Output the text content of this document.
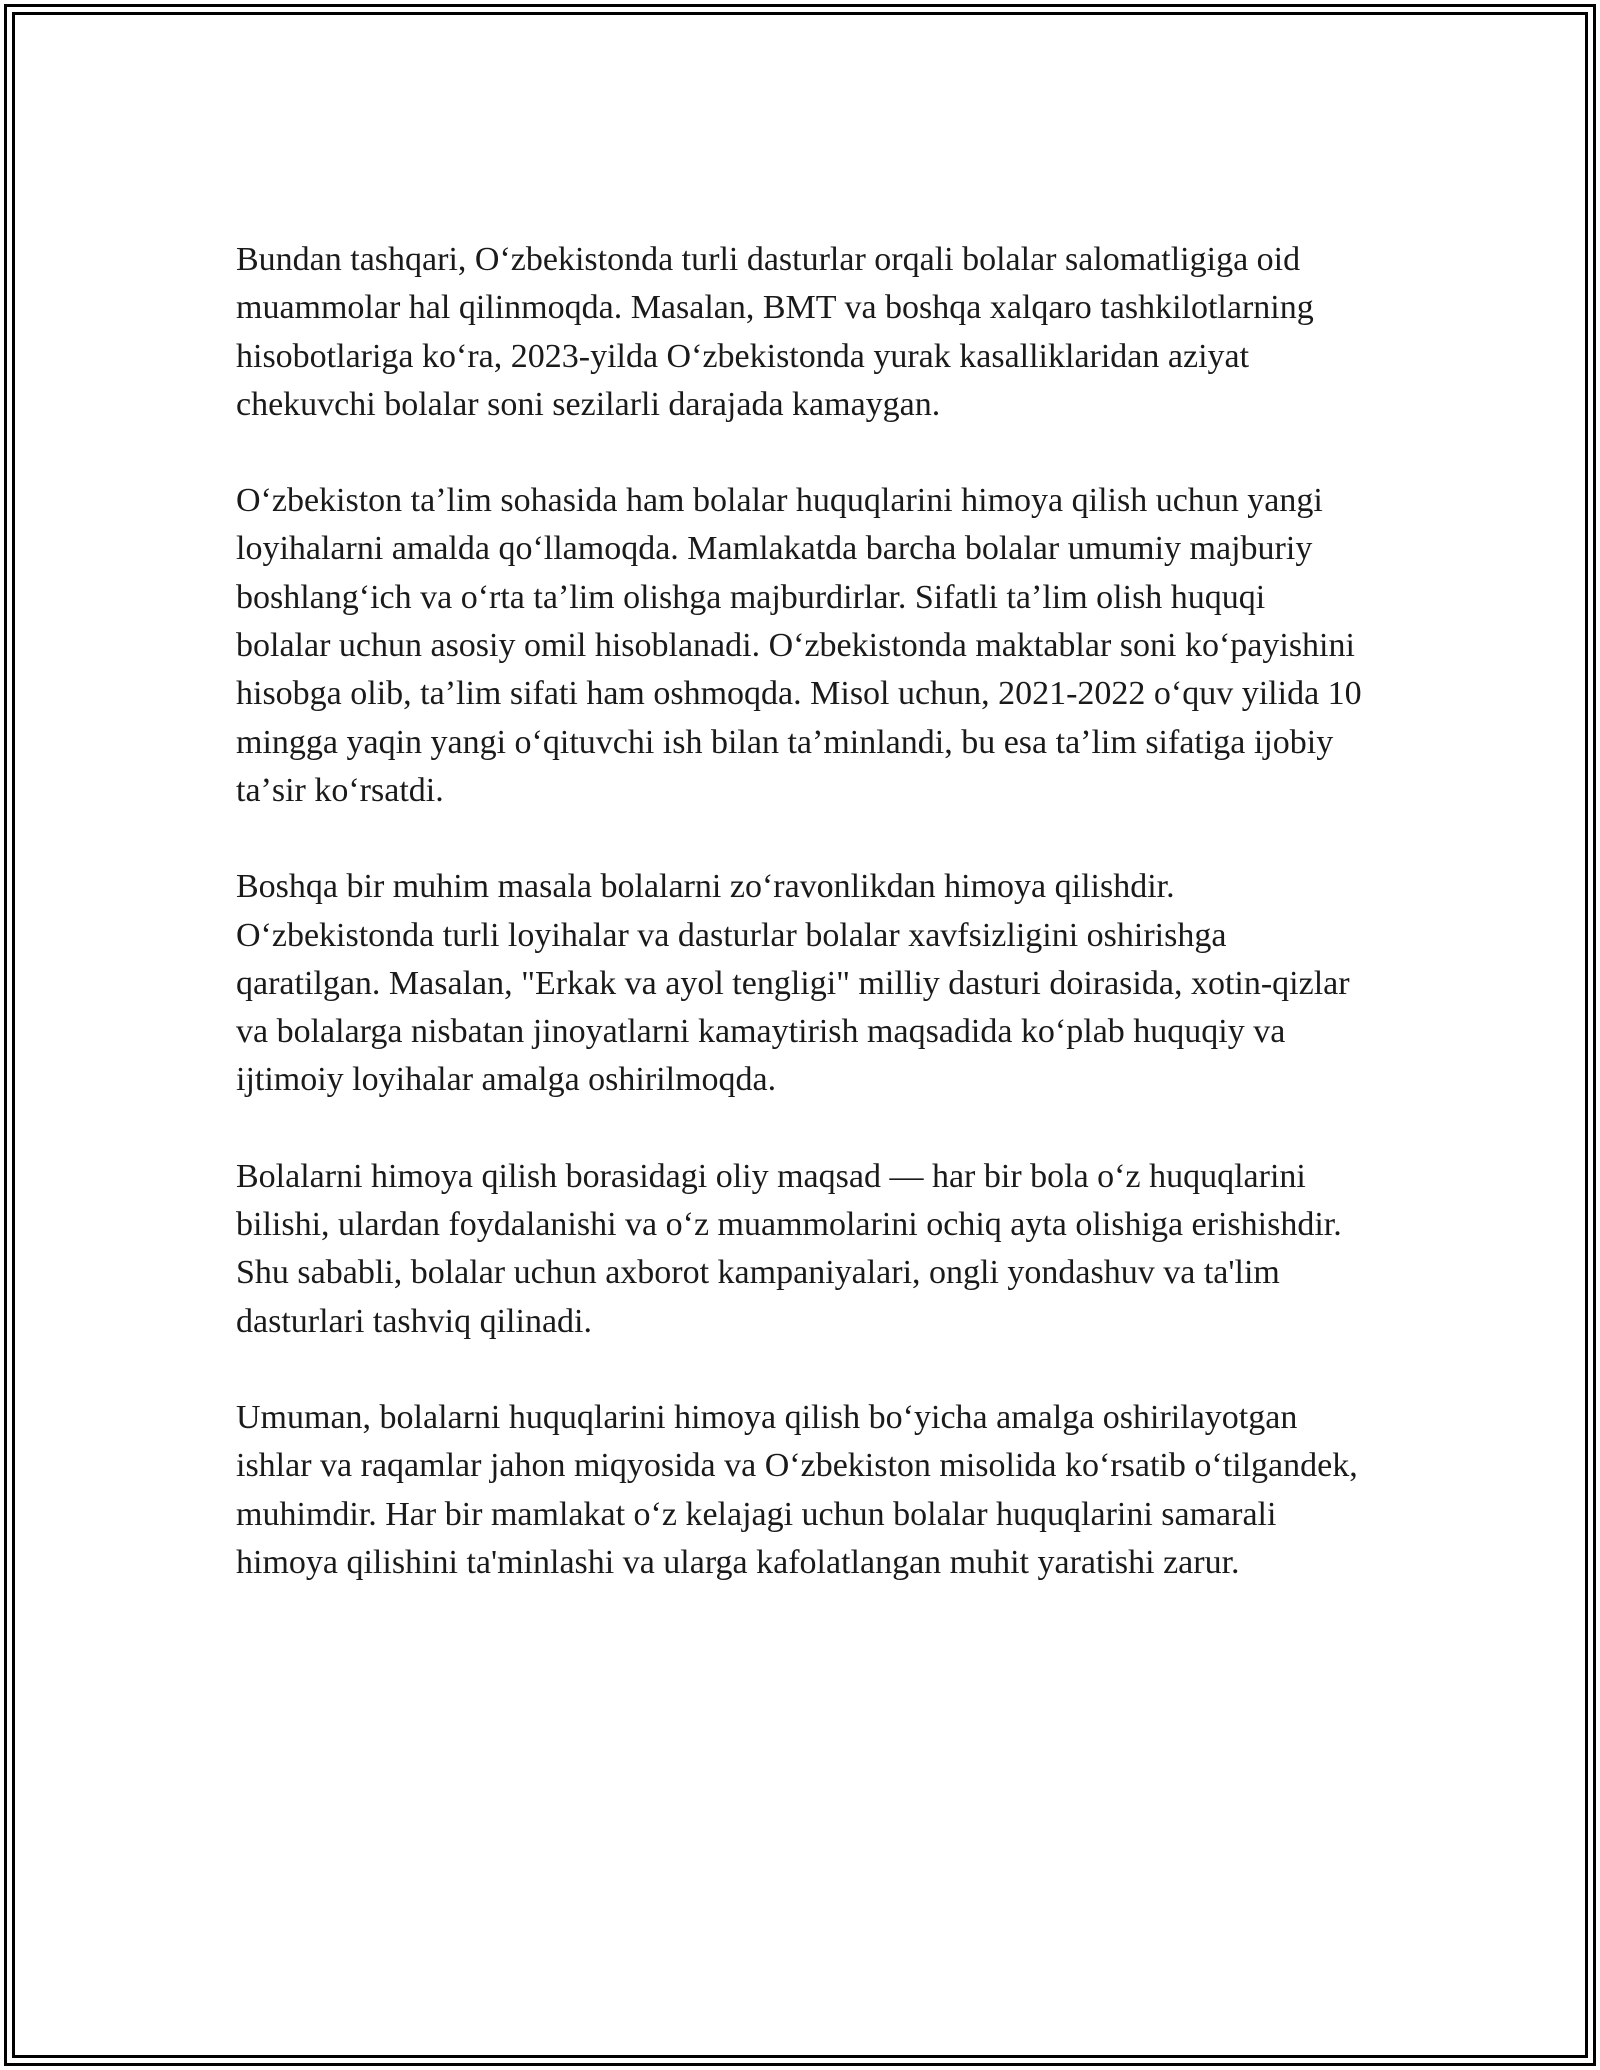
Bundan tashqari, Oʻzbekistonda turli dasturlar orqali bolalar salomatligiga oid muammolar hal qilinmoqda. Masalan, BMT va boshqa xalqaro tashkilotlarning hisobotlariga koʻra, 2023-yilda Oʻzbekistonda yurak kasalliklaridan aziyat chekuvchi bolalar soni sezilarli darajada kamaygan.

Oʻzbekiston taʼlim sohasida ham bolalar huquqlarini himoya qilish uchun yangi loyihalarni amalda qoʻllamoqda. Mamlakatda barcha bolalar umumiy majburiy boshlangʻich va oʻrta taʼlim olishga majburdirlar. Sifatli taʼlim olish huquqi bolalar uchun asosiy omil hisoblanadi. Oʻzbekistonda maktablar soni koʻpayishini hisobga olib, taʼlim sifati ham oshmoqda. Misol uchun, 2021-2022 oʻquv yilida 10 mingga yaqin yangi oʻqituvchi ish bilan taʼminlandi, bu esa taʼlim sifatiga ijobiy taʼsir koʻrsatdi.

Boshqa bir muhim masala bolalarni zoʻravonlikdan himoya qilishdir. Oʻzbekistonda turli loyihalar va dasturlar bolalar xavfsizligini oshirishga qaratilgan. Masalan, "Erkak va ayol tengligi" milliy dasturi doirasida, xotin-qizlar va bolalarga nisbatan jinoyatlarni kamaytirish maqsadida koʻplab huquqiy va ijtimoiy loyihalar amalga oshirilmoqda.

Bolalarni himoya qilish borasidagi oliy maqsad — har bir bola oʻz huquqlarini bilishi, ulardan foydalanishi va oʻz muammolarini ochiq ayta olishiga erishishdir. Shu sababli, bolalar uchun axborot kampaniyalari, ongli yondashuv va ta'lim dasturlari tashviq qilinadi.

Umuman, bolalarni huquqlarini himoya qilish boʻyicha amalga oshirilayotgan ishlar va raqamlar jahon miqyosida va Oʻzbekiston misolida koʻrsatib oʻtilgandek, muhimdir. Har bir mamlakat oʻz kelajagi uchun bolalar huquqlarini samarali himoya qilishini ta'minlashi va ularga kafolatlangan muhit yaratishi zarur.
